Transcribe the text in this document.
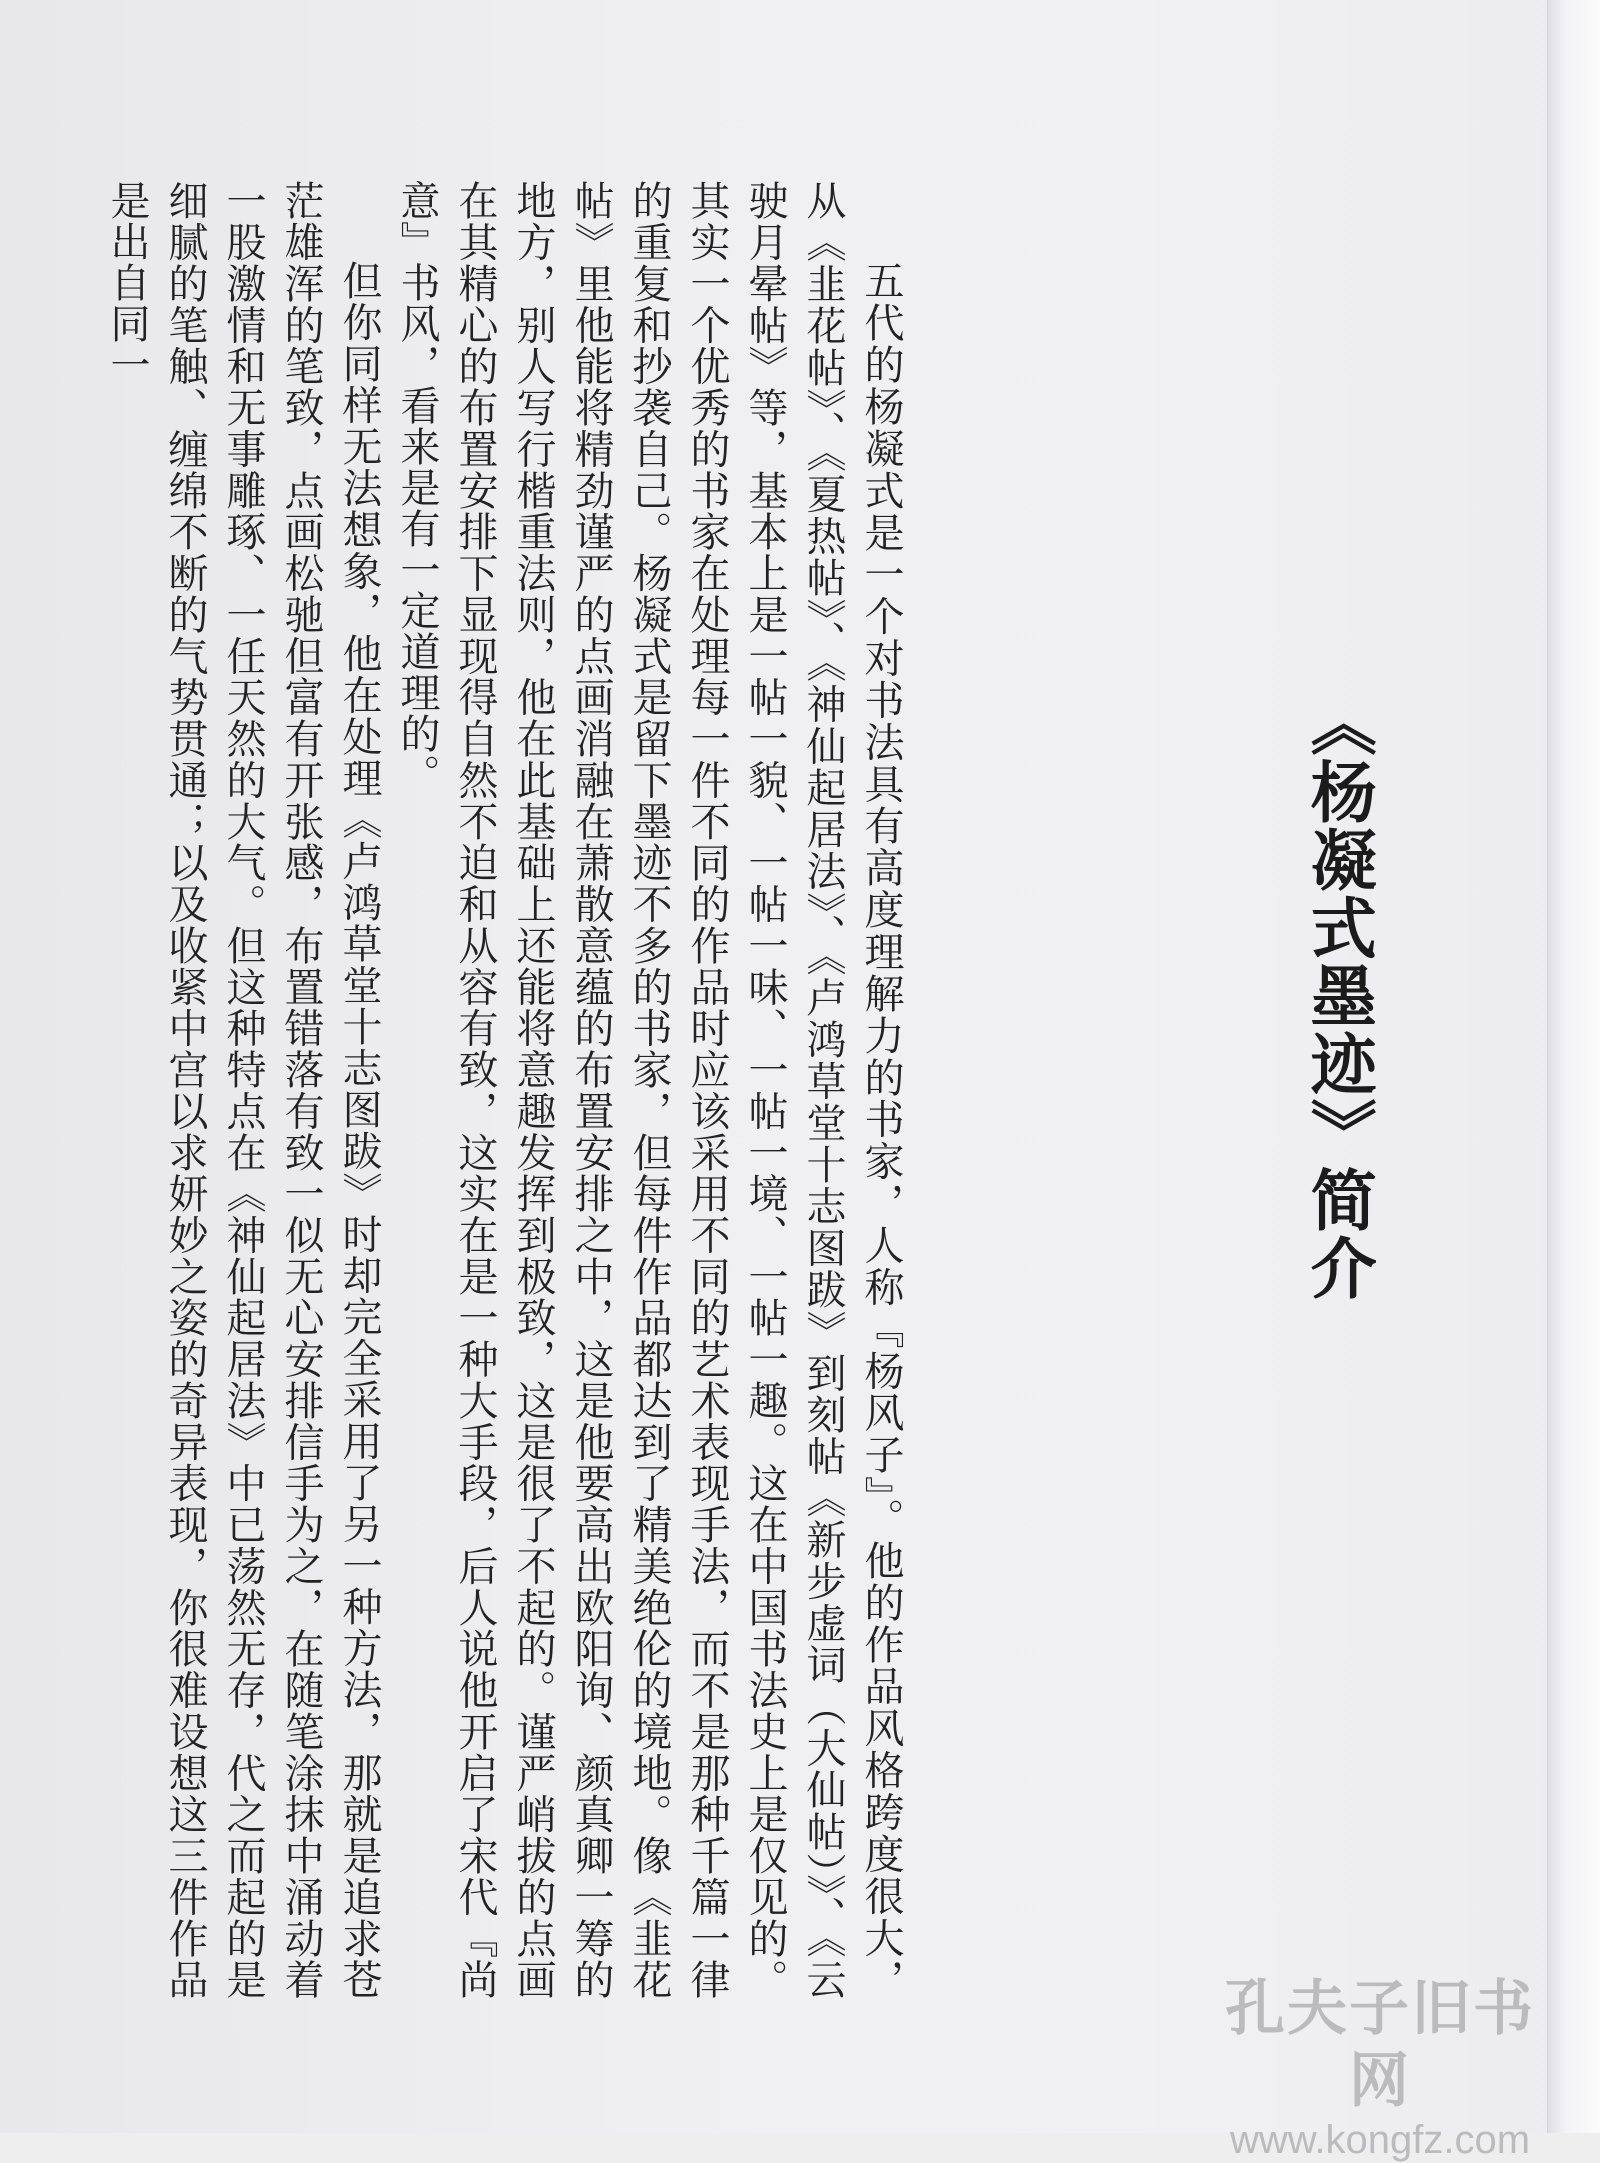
《杨凝式墨迹》简介

五代的杨凝式是一个对书法具有高度理解力的书家，人称『杨风子』。他的作品风格跨度很大，从《韭花帖》、《夏热帖》、《神仙起居法》、《卢鸿草堂十志图跋》到刻帖《新步虚词（大仙帖）》、《云驶月晕帖》等，基本上是一帖一貌、一帖一味、一帖一境、一帖一趣。这在中国书法史上是仅见的。其实一个优秀的书家在处理每一件不同的作品时应该采用不同的艺术表现手法，而不是那种千篇一律的重复和抄袭自己。杨凝式是留下墨迹不多的书家，但每件作品都达到了精美绝伦的境地。像《韭花帖》里他能将精劲谨严的点画消融在萧散意蕴的布置安排之中，这是他要高出欧阳询、颜真卿一筹的地方，别人写行楷重法则，他在此基础上还能将意趣发挥到极致，这是很了不起的。谨严峭拔的点画在其精心的布置安排下显现得自然不迫和从容有致，这实在是一种大手段，后人说他开启了宋代『尚意』书风，看来是有一定道理的。

但你同样无法想象，他在处理《卢鸿草堂十志图跋》时却完全采用了另一种方法，那就是追求苍茫雄浑的笔致，点画松驰但富有开张感，布置错落有致一似无心安排信手为之，在随笔涂抹中涌动着一股激情和无事雕琢、一任天然的大气。但这种特点在《神仙起居法》中已荡然无存，代之而起的是细腻的笔触、缠绵不断的气势贯通；以及收紧中宫以求妍妙之姿的奇异表现，你很难设想这三件作品是出自同一

孔夫子旧书网
www.kongfz.com
